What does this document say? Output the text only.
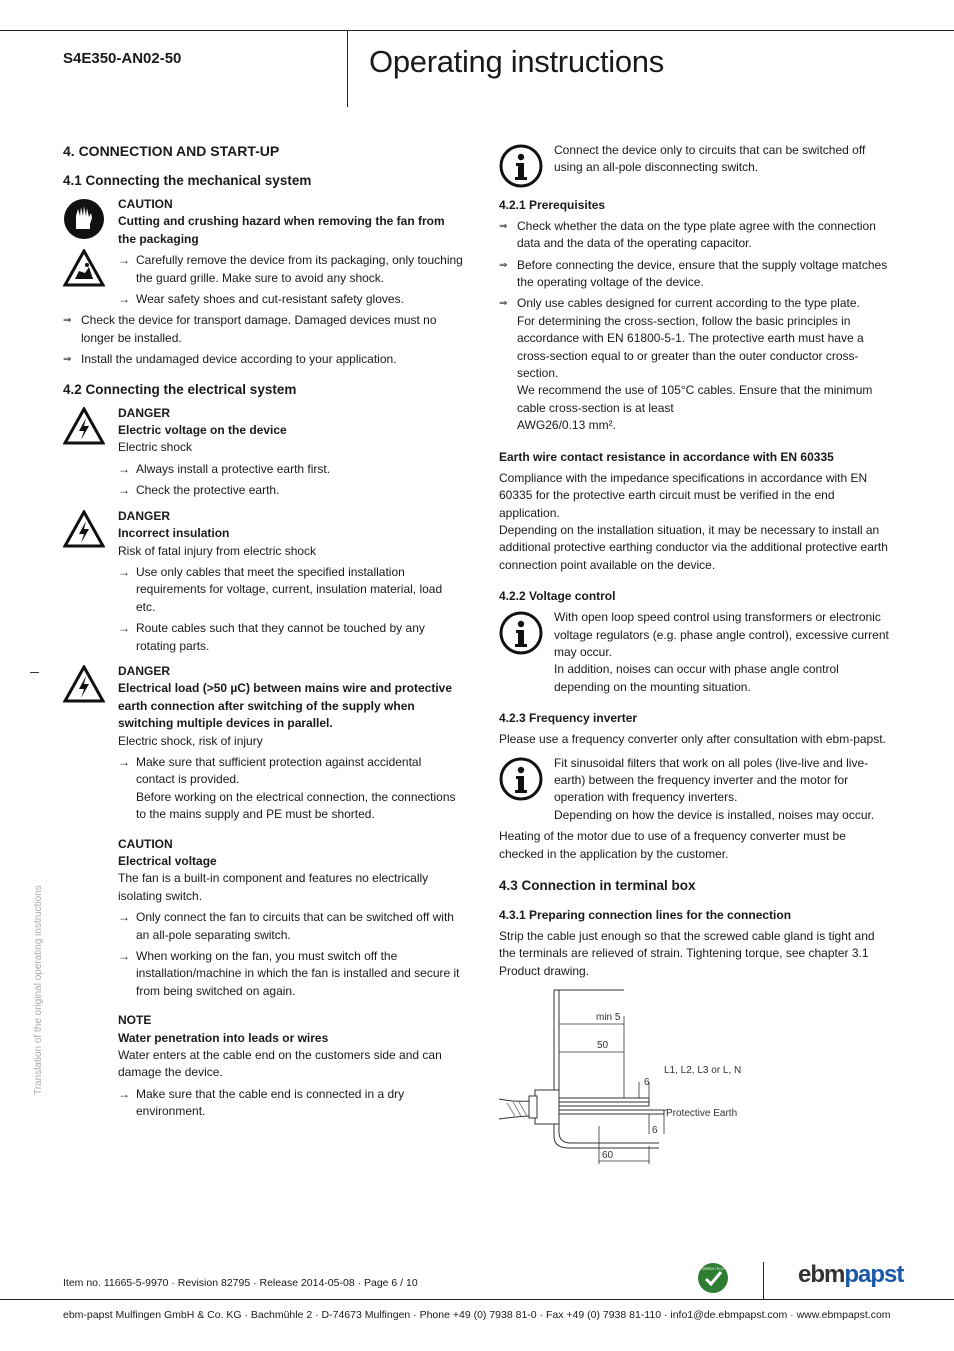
S4E350-AN02-50	Operating instructions
Translation of the original operating instructions
4. CONNECTION AND START-UP
4.1 Connecting the mechanical system
CAUTION
Cutting and crushing hazard when removing the fan from the packaging
→ Carefully remove the device from its packaging, only touching the guard grille. Make sure to avoid any shock.
→ Wear safety shoes and cut-resistant safety gloves.
⇒ Check the device for transport damage. Damaged devices must no longer be installed.
⇒ Install the undamaged device according to your application.
4.2 Connecting the electrical system
DANGER
Electric voltage on the device
Electric shock
→ Always install a protective earth first.
→ Check the protective earth.
DANGER
Incorrect insulation
Risk of fatal injury from electric shock
→ Use only cables that meet the specified installation requirements for voltage, current, insulation material, load etc.
→ Route cables such that they cannot be touched by any rotating parts.
DANGER
Electrical load (>50 µC) between mains wire and protective earth connection after switching of the supply when switching multiple devices in parallel.
Electric shock, risk of injury
→ Make sure that sufficient protection against accidental contact is provided.
Before working on the electrical connection, the connections to the mains supply and PE must be shorted.
CAUTION
Electrical voltage
The fan is a built-in component and features no electrically isolating switch.
→ Only connect the fan to circuits that can be switched off with an all-pole separating switch.
→ When working on the fan, you must switch off the installation/machine in which the fan is installed and secure it from being switched on again.
NOTE
Water penetration into leads or wires
Water enters at the cable end on the customers side and can damage the device.
→ Make sure that the cable end is connected in a dry environment.

Connect the device only to circuits that can be switched off using an all-pole disconnecting switch.

4.2.1 Prerequisites
⇒ Check whether the data on the type plate agree with the connection data and the data of the operating capacitor.
⇒ Before connecting the device, ensure that the supply voltage matches the operating voltage of the device.
⇒ Only use cables designed for current according to the type plate.
For determining the cross-section, follow the basic principles in accordance with EN 61800-5-1. The protective earth must have a cross-section equal to or greater than the outer conductor cross-section.
We recommend the use of 105°C cables. Ensure that the minimum cable cross-section is at least
AWG26/0.13 mm².
Earth wire contact resistance in accordance with EN 60335

Compliance with the impedance specifications in accordance with EN 60335 for the protective earth circuit must be verified in the end application.

Depending on the installation situation, it may be necessary to install an additional protective earthing conductor via the additional protective earth connection point available on the device.

4.2.2 Voltage control

With open loop speed control using transformers or electronic voltage regulators (e.g. phase angle control), excessive current may occur.

In addition, noises can occur with phase angle control depending on the mounting situation.

4.2.3 Frequency inverter

Please use a frequency converter only after consultation with ebm-papst.

Fit sinusoidal filters that work on all poles (live-live and live-earth) between the frequency inverter and the motor for operation with frequency inverters.

Depending on how the device is installed, noises may occur.

Heating of the motor due to use of a frequency converter must be checked in the application by the customer.

4.3 Connection in terminal box
4.3.1 Preparing connection lines for the connection

Strip the cable just enough so that the screwed cable gland is tight and the terminals are relieved of strain. Tightening torque, see chapter 3.1 Product drawing.

min 5
50
6
L1, L2, L3 or L, N
Protective Earth
6
60
Item no. 11665-5-9970 · Revision 82795 · Release 2014-05-08 · Page 6 / 10
GREEN TECH	ebmpapst
ebm-papst Mulfingen GmbH & Co. KG · Bachmühle 2 · D-74673 Mulfingen · Phone +49 (0) 7938 81-0 · Fax +49 (0) 7938 81-110 · info1@de.ebmpapst.com · www.ebmpapst.com
